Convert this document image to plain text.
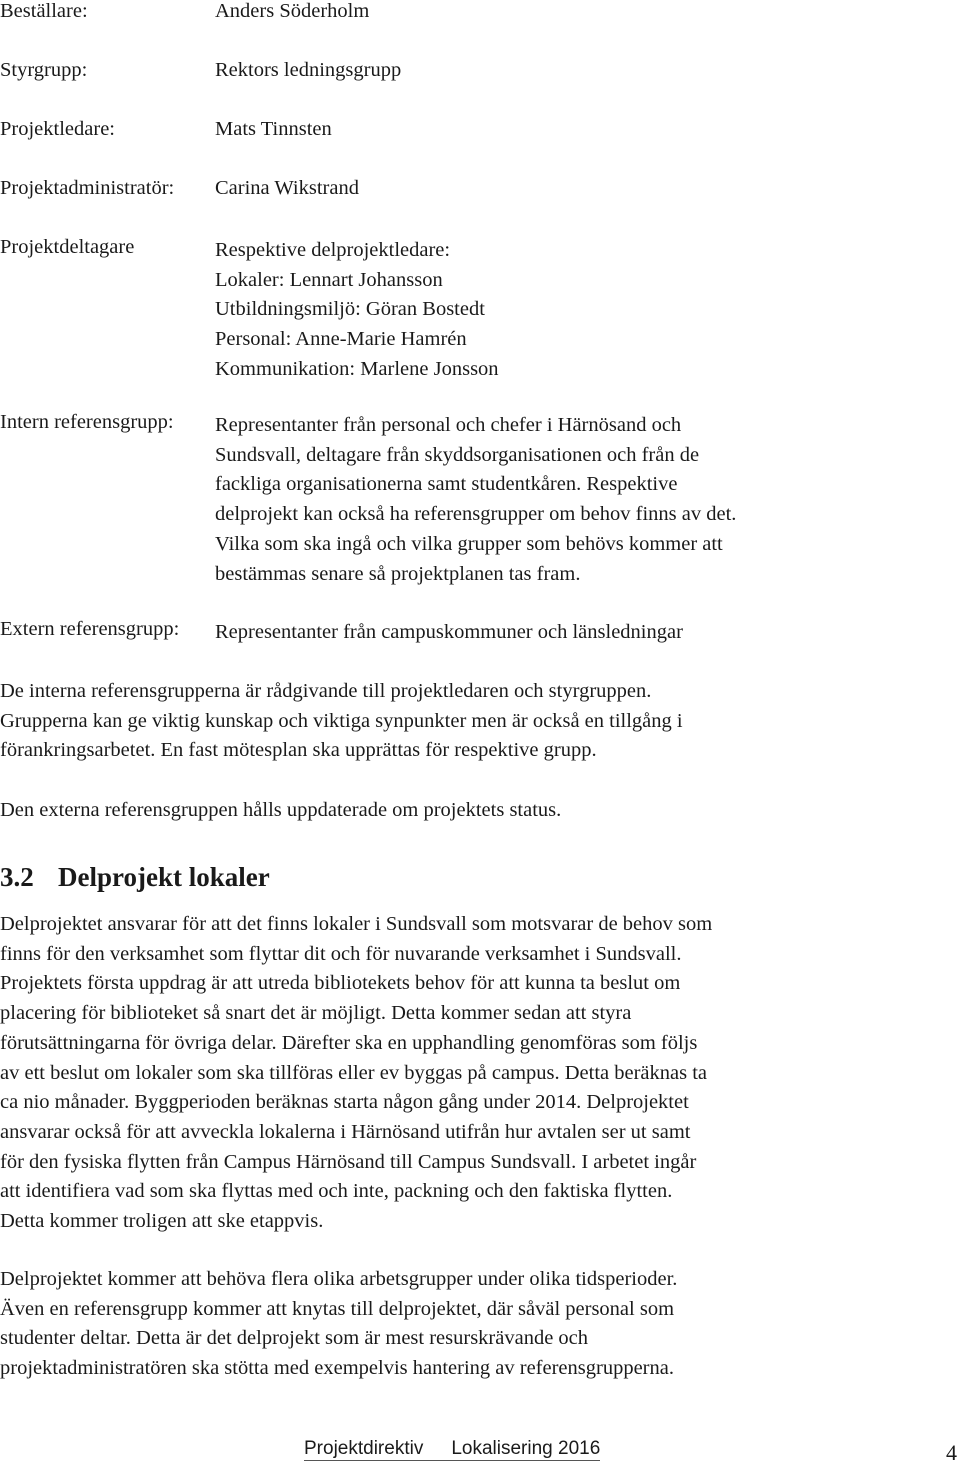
Beställare:	Anders Söderholm
Styrgrupp:	Rektors ledningsgrupp
Projektledare:	Mats Tinnsten
Projektadministratör: Carina Wikstrand
Projektdeltagare	Respektive delprojektledare:
Lokaler: Lennart Johansson
Utbildningsmiljö: Göran Bostedt
Personal: Anne-Marie Hamrén
Kommunikation: Marlene Jonsson
Intern referensgrupp: Representanter från personal och chefer i Härnösand och
Sundsvall, deltagare från skyddsorganisationen och från de
fackliga organisationerna samt studentkåren. Respektive
delprojekt kan också ha referensgrupper om behov finns av det.
Vilka som ska ingå och vilka grupper som behövs kommer att
bestämmas senare så projektplanen tas fram.
Extern referensgrupp: Representanter från campuskommuner och länsledningar
De interna referensgrupperna är rådgivande till projektledaren och styrgruppen.
Grupperna kan ge viktig kunskap och viktiga synpunkter men är också en tillgång i
förankringsarbetet. En fast mötesplan ska upprättas för respektive grupp.
Den externa referensgruppen hålls uppdaterade om projektets status.
3.2 Delprojekt lokaler
Delprojektet ansvarar för att det finns lokaler i Sundsvall som motsvarar de behov som
finns för den verksamhet som flyttar dit och för nuvarande verksamhet i Sundsvall.
Projektets första uppdrag är att utreda bibliotekets behov för att kunna ta beslut om
placering för biblioteket så snart det är möjligt. Detta kommer sedan att styra
förutsättningarna för övriga delar. Därefter ska en upphandling genomföras som följs
av ett beslut om lokaler som ska tillföras eller ev byggas på campus. Detta beräknas ta
ca nio månader. Byggperioden beräknas starta någon gång under 2014. Delprojektet
ansvarar också för att avveckla lokalerna i Härnösand utifrån hur avtalen ser ut samt
för den fysiska flytten från Campus Härnösand till Campus Sundsvall. I arbetet ingår
att identifiera vad som ska flyttas med och inte, packning och den faktiska flytten.
Detta kommer troligen att ske etappvis.
Delprojektet kommer att behöva flera olika arbetsgrupper under olika tidsperioder.
Även en referensgrupp kommer att knytas till delprojektet, där såväl personal som
studenter deltar. Detta är det delprojekt som är mest resurskrävande och
projektadministratören ska stötta med exempelvis hantering av referensgrupperna.
Projektdirektiv Lokalisering 2016	4
